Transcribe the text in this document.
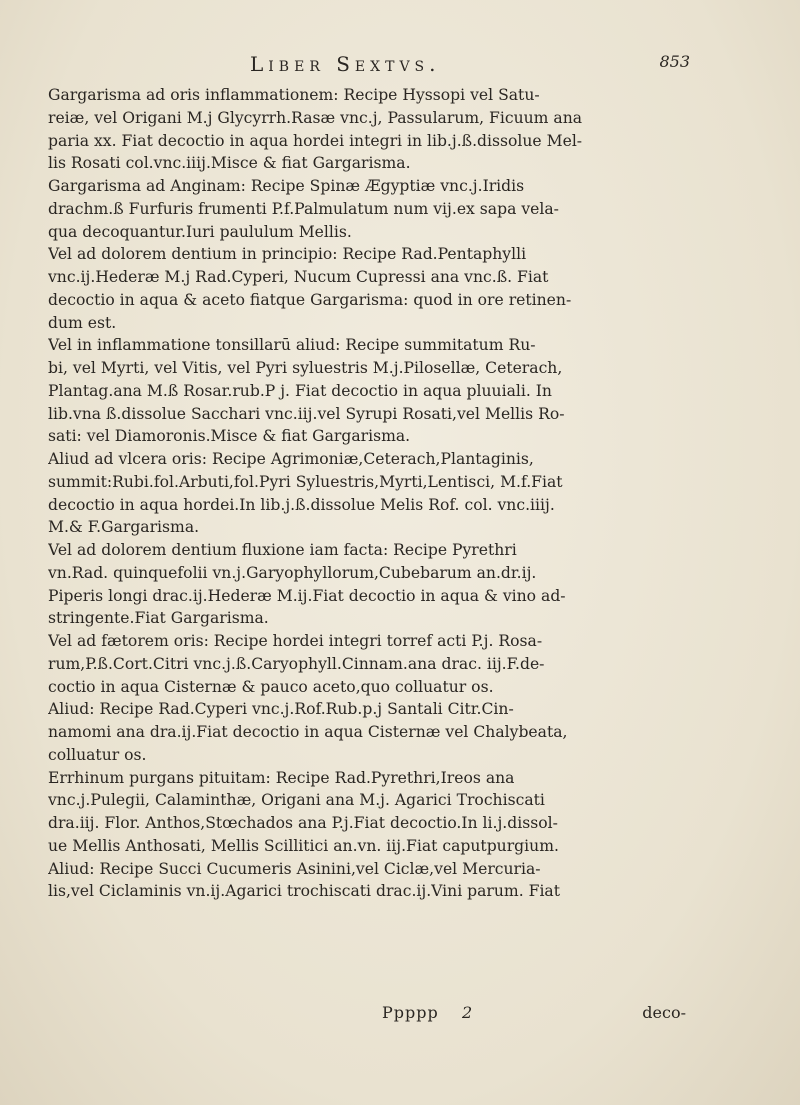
Liber Sextvs.	853
Gargarisma ad oris inflammationem: Recipe Hyssopi vel Satu-
reiæ, vel Origani M.j Glycyrrh.Rasæ vnc.j, Passularum, Ficuum ana
paria xx. Fiat decoctio in aqua hordei integri in lib.j.ß.dissolue Mel-
lis Rosati col.vnc.iiij.Misce & fiat Gargarisma.
Gargarisma ad Anginam: Recipe Spinæ Ægyptiæ vnc.j.Iridis
drachm.ß Furfuris frumenti P.f.Palmulatum num vij.ex sapa vela-
qua decoquantur.Iuri paululum Mellis.
Vel ad dolorem dentium in principio: Recipe Rad.Pentaphylli
vnc.ij.Hederæ M.j Rad.Cyperi, Nucum Cupressi ana vnc.ß. Fiat
decoctio in aqua & aceto fiatque Gargarisma: quod in ore retinen-
dum est.
Vel in inflammatione tonsillarū aliud: Recipe summitatum Ru-
bi, vel Myrti, vel Vitis, vel Pyri syluestris M.j.Pilosellæ, Ceterach,
Plantag.ana M.ß Rosar.rub.P j. Fiat decoctio in aqua pluuiali. In
lib.vna ß.dissolue Sacchari vnc.iij.vel Syrupi Rosati,vel Mellis Ro-
sati: vel Diamoronis.Misce & fiat Gargarisma.
Aliud ad vlcera oris: Recipe Agrimoniæ,Ceterach,Plantaginis,
summit:Rubi.fol.Arbuti,fol.Pyri Syluestris,Myrti,Lentisci, M.f.Fiat
decoctio in aqua hordei.In lib.j.ß.dissolue Melis Rof. col. vnc.iiij.
M.& F.Gargarisma.
Vel ad dolorem dentium fluxione iam facta: Recipe Pyrethri
vn.Rad. quinquefolii vn.j.Garyophyllorum,Cubebarum an.dr.ij.
Piperis longi drac.ij.Hederæ M.ij.Fiat decoctio in aqua & vino ad-
stringente.Fiat Gargarisma.
Vel ad fætorem oris: Recipe hordei integri torref acti P.j. Rosa-
rum,P.ß.Cort.Citri vnc.j.ß.Caryophyll.Cinnam.ana drac. iij.F.de-
coctio in aqua Cisternæ & pauco aceto,quo colluatur os.
Aliud: Recipe Rad.Cyperi vnc.j.Rof.Rub.p.j Santali Citr.Cin-
namomi ana dra.ij.Fiat decoctio in aqua Cisternæ vel Chalybeata,
colluatur os.
Errhinum purgans pituitam: Recipe Rad.Pyrethri,Ireos ana
vnc.j.Pulegii, Calaminthæ, Origani ana M.j. Agarici Trochiscati
dra.iij. Flor. Anthos,Stœchados ana P.j.Fiat decoctio.In li.j.dissol-
ue Mellis Anthosati, Mellis Scillitici an.vn. iij.Fiat caputpurgium.
Aliud: Recipe Succi Cucumeris Asinini,vel Ciclæ,vel Mercuria-
lis,vel Ciclaminis vn.ij.Agarici trochiscati drac.ij.Vini parum. Fiat
Ppppp 2	deco-
